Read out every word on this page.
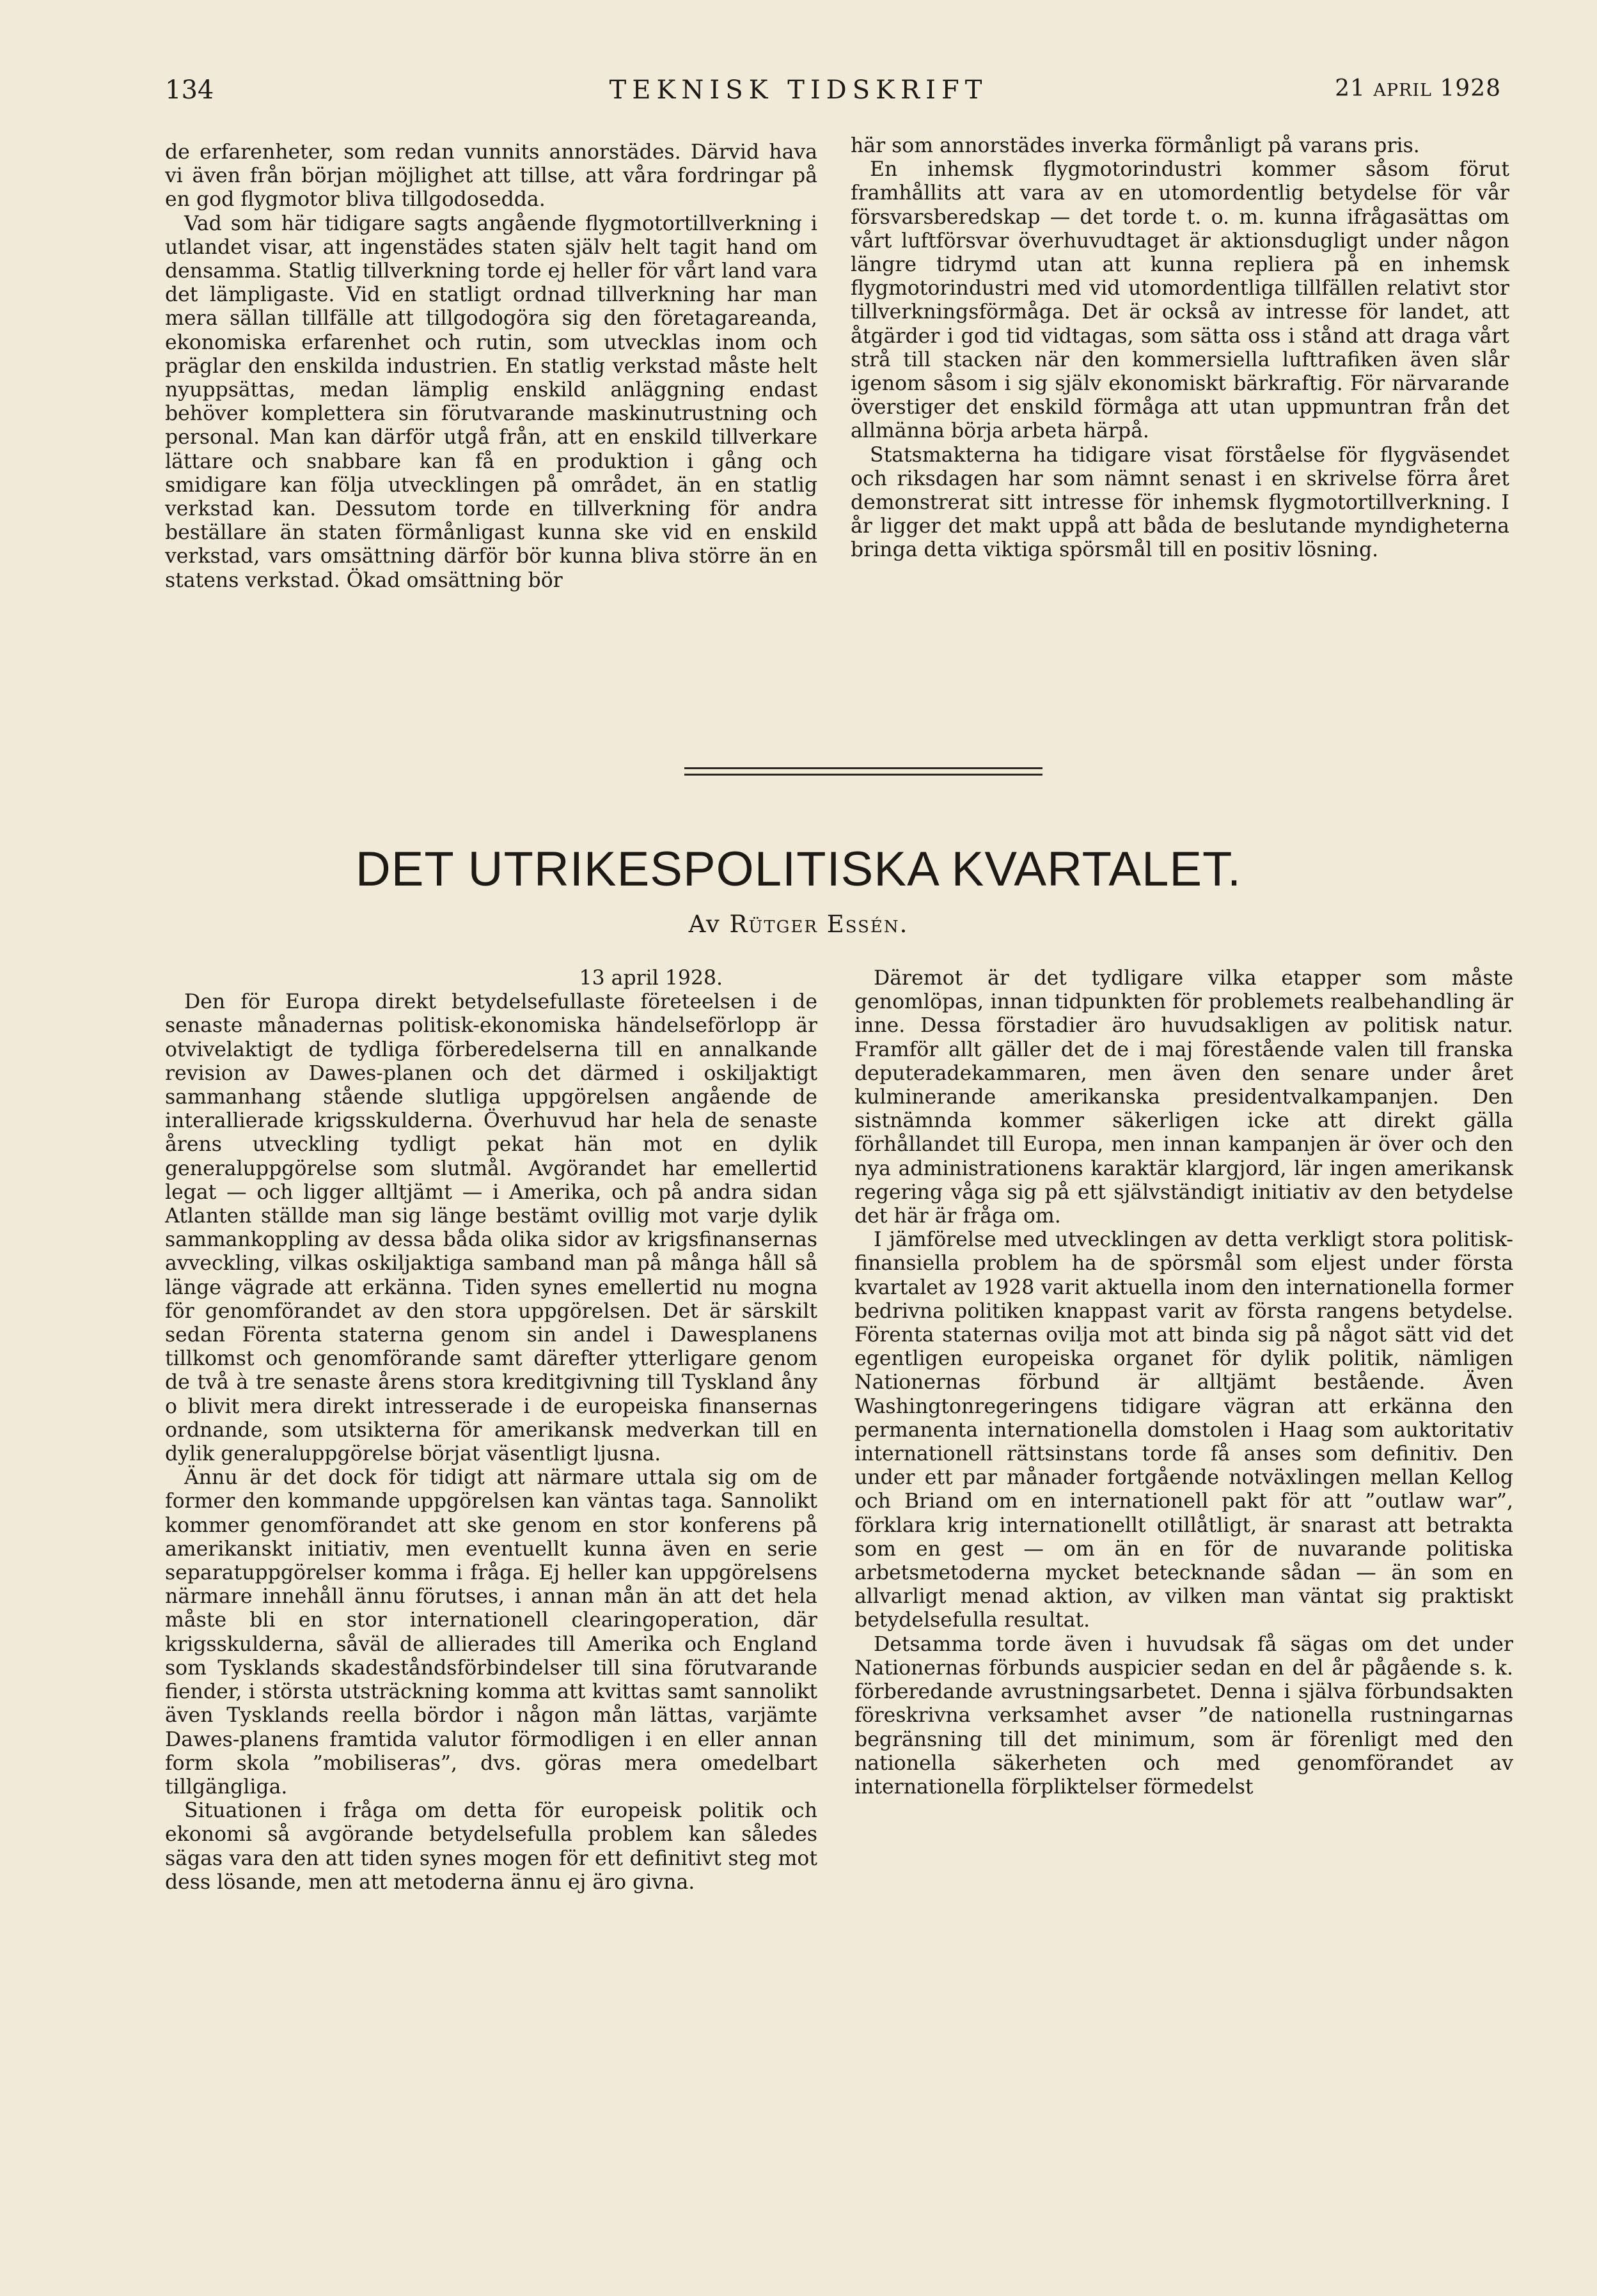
134	TEKNISK TIDSKRIFT	21 APRIL 1928

de erfarenheter, som redan vunnits annorstädes. Därvid hava vi även från början möjlighet att tillse, att våra fordringar på en god flygmotor bliva tillgodosedda.

Vad som här tidigare sagts angående flygmotortillverkning i utlandet visar, att ingenstädes staten själv helt tagit hand om densamma. Statlig tillverkning torde ej heller för vårt land vara det lämpligaste. Vid en statligt ordnad tillverkning har man mera sällan tillfälle att tillgodogöra sig den företagareanda, ekonomiska erfarenhet och rutin, som utvecklas inom och präglar den enskilda industrien. En statlig verkstad måste helt nyuppsättas, medan lämplig enskild anläggning endast behöver komplettera sin förutvarande maskinutrustning och personal. Man kan därför utgå från, att en enskild tillverkare lättare och snabbare kan få en produktion i gång och smidigare kan följa utvecklingen på området, än en statlig verkstad kan. Dessutom torde en tillverkning för andra beställare än staten förmånligast kunna ske vid en enskild verkstad, vars omsättning därför bör kunna bliva större än en statens verkstad. Ökad omsättning bör

här som annorstädes inverka förmånligt på varans pris.

En inhemsk flygmotorindustri kommer såsom förut framhållits att vara av en utomordentlig betydelse för vår försvarsberedskap — det torde t. o. m. kunna ifrågasättas om vårt luftförsvar överhuvudtaget är aktionsdugligt under någon längre tidrymd utan att kunna repliera på en inhemsk flygmotorindustri med vid utomordentliga tillfällen relativt stor tillverkningsförmåga. Det är också av intresse för landet, att åtgärder i god tid vidtagas, som sätta oss i stånd att draga vårt strå till stacken när den kommersiella lufttrafiken även slår igenom såsom i sig själv ekonomiskt bärkraftig. För närvarande överstiger det enskild förmåga att utan uppmuntran från det allmänna börja arbeta härpå.

Statsmakterna ha tidigare visat förståelse för flygväsendet och riksdagen har som nämnt senast i en skrivelse förra året demonstrerat sitt intresse för inhemsk flygmotortillverkning. I år ligger det makt uppå att båda de beslutande myndigheterna bringa detta viktiga spörsmål till en positiv lösning.

DET UTRIKESPOLITISKA KVARTALET.
Av Rütger Essén.

13 april 1928.

Den för Europa direkt betydelsefullaste företeelsen i de senaste månadernas politisk-ekonomiska händelseförlopp är otvivelaktigt de tydliga förberedelserna till en annalkande revision av Dawes-planen och det därmed i oskiljaktigt sammanhang stående slutliga uppgörelsen angående de interallierade krigsskulderna. Överhuvud har hela de senaste årens utveckling tydligt pekat hän mot en dylik generaluppgörelse som slutmål. Avgörandet har emellertid legat — och ligger alltjämt — i Amerika, och på andra sidan Atlanten ställde man sig länge bestämt ovillig mot varje dylik sammankoppling av dessa båda olika sidor av krigsfinansernas avveckling, vilkas oskiljaktiga samband man på många håll så länge vägrade att erkänna. Tiden synes emellertid nu mogna för genomförandet av den stora uppgörelsen. Det är särskilt sedan Förenta staterna genom sin andel i Dawesplanens tillkomst och genomförande samt därefter ytterligare genom de två à tre senaste årens stora kreditgivning till Tyskland åny o blivit mera direkt intresserade i de europeiska finansernas ordnande, som utsikterna för amerikansk medverkan till en dylik generaluppgörelse börjat väsentligt ljusna.

Ännu är det dock för tidigt att närmare uttala sig om de former den kommande uppgörelsen kan väntas taga. Sannolikt kommer genomförandet att ske genom en stor konferens på amerikanskt initiativ, men eventuellt kunna även en serie separatuppgörelser komma i fråga. Ej heller kan uppgörelsens närmare innehåll ännu förutses, i annan mån än att det hela måste bli en stor internationell clearingoperation, där krigsskulderna, såväl de allierades till Amerika och England som Tysklands skadeståndsförbindelser till sina förutvarande fiender, i största utsträckning komma att kvittas samt sannolikt även Tysklands reella bördor i någon mån lättas, varjämte Dawes-planens framtida valutor förmodligen i en eller annan form skola ”mobiliseras”, dvs. göras mera omedelbart tillgängliga.

Situationen i fråga om detta för europeisk politik och ekonomi så avgörande betydelsefulla problem kan således sägas vara den att tiden synes mogen för ett definitivt steg mot dess lösande, men att metoderna ännu ej äro givna.

Däremot är det tydligare vilka etapper som måste genomlöpas, innan tidpunkten för problemets realbehandling är inne. Dessa förstadier äro huvudsakligen av politisk natur. Framför allt gäller det de i maj förestående valen till franska deputeradekammaren, men även den senare under året kulminerande amerikanska presidentvalkampanjen. Den sistnämnda kommer säkerligen icke att direkt gälla förhållandet till Europa, men innan kampanjen är över och den nya administrationens karaktär klargjord, lär ingen amerikansk regering våga sig på ett självständigt initiativ av den betydelse det här är fråga om.

I jämförelse med utvecklingen av detta verkligt stora politisk-finansiella problem ha de spörsmål som eljest under första kvartalet av 1928 varit aktuella inom den internationella former bedrivna politiken knappast varit av första rangens betydelse. Förenta staternas ovilja mot att binda sig på något sätt vid det egentligen europeiska organet för dylik politik, nämligen Nationernas förbund är alltjämt bestående. Även Washingtonregeringens tidigare vägran att erkänna den permanenta internationella domstolen i Haag som auktoritativ internationell rättsinstans torde få anses som definitiv. Den under ett par månader fortgående notväxlingen mellan Kellog och Briand om en internationell pakt för att ”outlaw war”, förklara krig internationellt otillåtligt, är snarast att betrakta som en gest — om än en för de nuvarande politiska arbetsmetoderna mycket betecknande sådan — än som en allvarligt menad aktion, av vilken man väntat sig praktiskt betydelsefulla resultat.

Detsamma torde även i huvudsak få sägas om det under Nationernas förbunds auspicier sedan en del år pågående s. k. förberedande avrustningsarbetet. Denna i själva förbundsakten föreskrivna verksamhet avser ”de nationella rustningarnas begränsning till det minimum, som är förenligt med den nationella säkerheten och med genomförandet av internationella förpliktelser förmedelst
